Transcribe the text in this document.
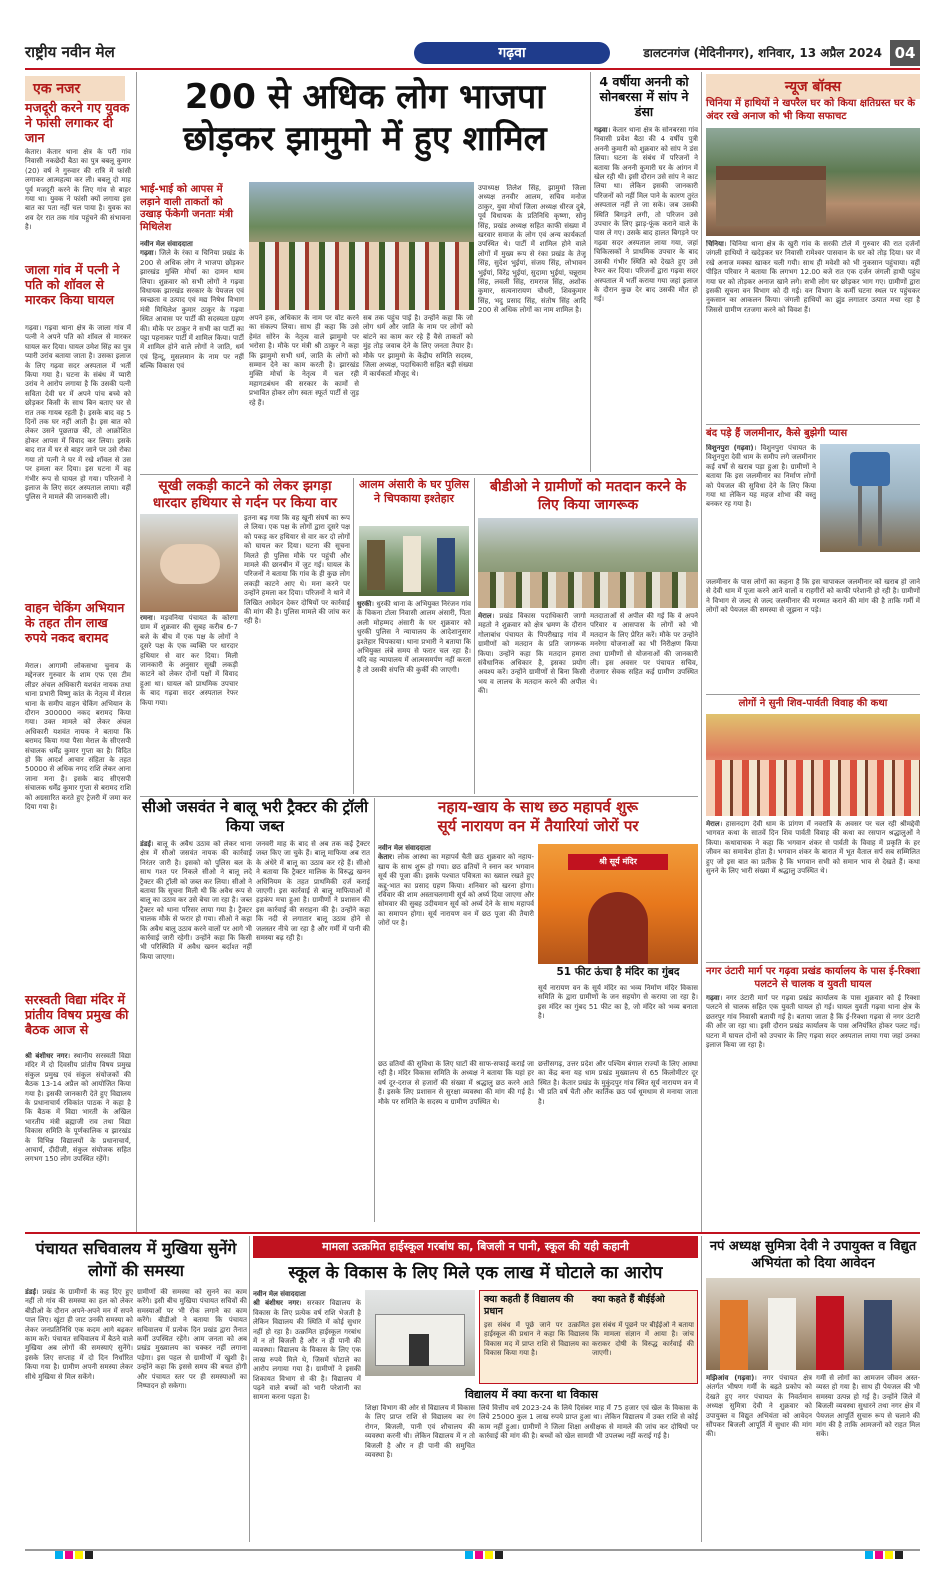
राष्ट्रीय नवीन मेल	गढ़वा	डालटनगंज (मेदिनीनगर), शनिवार, 13 अप्रैल 2024 04
एक नजर
मजदूरी करने गए युवक ने फांसी लगाकर दी जान
केतार। केतार थाना क्षेत्र के पर्री गांव निवासी नकछेदी बैठा का पुत्र बबलू कुमार (20) वर्ष ने गुरुवार की रात्रि में फांसी लगाकर आत्महत्या कर ली। बबलू दो माह पूर्व मजदूरी करने के लिए गांव से बाहर गया था। युवक ने फांसी क्यों लगाया इस बात का पता नहीं चल पाया है। युवक का शव देर रात तक गांव पहुंचने की संभावना है।
जाला गांव में पत्नी ने पति को शॉवल से मारकर किया घायल
गढ़वा। गढ़वा थाना क्षेत्र के जाला गांव में पत्नी ने अपने पति को शॉवल से मारकर घायल कर दिया। घायल उमेश सिंह का पुत्र प्यारी उरांव बताया जाता है। उसका इलाज के लिए गढ़वा सदर अस्पताल में भर्ती किया गया है। घटना के संबंध में प्यारी उरांव ने आरोप लगाया है कि उसकी पत्नी सविता देवी घर में अपने पांच बच्चे को छोड़कर किसी के साथ बिन बताए घर से रात तक गायब रहती है। इसके बाद वह 5 दिनों तक घर नहीं आती है। इस बात को लेकर उसने पूछताछ की, तो आक्रोशित होकर आपस में विवाद कर लिया। इसके बाद रात में घर से बाहर जाने पर उसे रोका गया तो पत्नी ने घर में रखे शॉवल से उस पर हमला कर दिया। इस घटना में वह गंभीर रूप से घायल हो गया। परिजनों ने इलाज के लिए सदर अस्पताल लाया। वहीं पुलिस ने मामले की जानकारी ली।
वाहन चेकिंग अभियान के तहत तीन लाख रुपये नकद बरामद
मेराल। आगामी लोकसभा चुनाव के मद्देनजर गुरुवार के शाम एफ एस टीम लीडर अंचल अधिकारी यशवंत नायक तथा थाना प्रभारी विष्णु कांत के नेतृत्व में मेराल थाना के समीप वाहन चेकिंग अभियान के दौरान 300000 नकद बरामद किया गया। उक्त मामले को लेकर अंचल अधिकारी यशवंत नायक ने बताया कि बरामद किया गया पैसा मेराल के सीएसपी संचालक धर्मेंद्र कुमार गुप्ता का है। विदित हो कि आदर्श आचार संहिता के तहत 50000 से अधिक नगद राशि लेकर आना जाना मना है। इसके बाद सीएसपी संचालक धर्मेंद्र कुमार गुप्ता से बरामद राशि को अग्रसारित करते हुए ट्रेजरी में जमा कर दिया गया है।
सरस्वती विद्या मंदिर में प्रांतीय विषय प्रमुख की बैठक आज से
श्री बंशीधर नगर। स्थानीय सरस्वती विद्या मंदिर में दो दिवसीय प्रांतीय विषय प्रमुख संकुल प्रमुख एवं संकुल संयोजकों की बैठक 13-14 अप्रैल को आयोजित किया गया है। इसकी जानकारी देते हुए विद्यालय के प्रधानाचार्य रविकांत पाठक ने कहा है कि बैठक में विद्या भारती के अखिल भारतीय मंत्री ब्रह्माजी राव तथा विद्या विकास समिति के पूर्णकालिक व झारखंड के विभिन्न विद्यालयों के प्रधानाचार्य, आचार्य, दीदीजी, संकुल संयोजक सहित लगभग 150 लोग उपस्थित रहेंगे।
200 से अधिक लोग भाजपा
छोड़कर झामुमो में हुए शामिल
भाई-भाई को आपस में लड़ाने वाली ताकतों को उखाड़ फेंकेगी जनताः मंत्री मिथिलेश
नवीन मेल संवाददाता
गढ़वा। जिले के रंका व चिनिया प्रखंड के 200 से अधिक लोग ने भाजपा छोड़कर झारखंड मुक्ति मोर्चा का दामन थाम लिया। शुक्रवार को सभी लोगों ने गढ़वा विधायक झारखंड सरकार के पेयजल एवं स्वच्छता व उत्पाद एवं मद्य निषेध विभाग मंत्री मिथिलेश कुमार ठाकुर के गढ़वा स्थित आवास पर पार्टी की सदस्यता ग्रहण की। मौके पर ठाकुर ने सभी का पार्टी का पट्टा पहनाकर पार्टी में शामिल किया। पार्टी में शामिल होने वाले लोगों ने जाति, धर्म एवं हिन्दू, मुसलमान के नाम पर नहीं बल्कि विकास एवं
अपने हक, अधिकार के नाम पर वोट करने का संकल्प लिया। साथ ही कहा कि उसे हेमंत सोरेन के नेतृत्व वाले झामुमो पर भरोसा है। मौके पर मंत्री श्री ठाकुर ने कहा कि झामुमो सभी धर्म, जाति के लोगों को सम्मान देने का काम करती है। झारखंड मुक्ति मोर्चा के नेतृत्व में चल रही महागठबंधन की सरकार के कामों से प्रभावित होकर लोग स्वतः स्फूर्त पार्टी से जुड़ रहे हैं।
सब तक पहुंच पाई है। उन्होंने कहा कि जो लोग धर्म और जाति के नाम पर लोगों को बांटने का काम कर रहे हैं वैसे ताकतों को मुंह तोड़ जवाब देने के लिए जनता तैयार है। मौके पर झामुमो के केंद्रीय समिति सदस्य, जिला अध्यक्ष, पदाधिकारी सहित बड़ी संख्या में कार्यकर्ता मौजूद थे।
उपाध्यक्ष तिलेश सिंह, झामुमो जिला अध्यक्ष तनवीर आलम, सचिव मनोज ठाकुर, युवा मोर्चा जिला अध्यक्ष धीरज दुबे, पूर्व विधायक के प्रतिनिधि कृष्णा, सोनू सिंह, प्रखंड अध्यक्ष सहित काफी संख्या में खरवार समाज के लोग एवं अन्य कार्यकर्ता उपस्थित थे। पार्टी में शामिल होने वाले लोगों में मुख्य रूप से रंका प्रखंड के तेजू सिंह, सुदेश भुईयां, संजय सिंह, लोभावन भुईयां, विरेंद्र भुईयां, सुदामा भुईयां, चन्नूराम सिंह, लवली सिंह, रामराज सिंह, अशोक कुमार, सत्यनारायण चौधरी, शिवकुमार सिंह, भदु प्रसाद सिंह, संतोष सिंह आदि 200 से अधिक लोगों का नाम शामिल है।
4 वर्षीया अननी को सोनबरसा में सांप ने डंसा
गढ़वा। केतार थाना क्षेत्र के सोनबरसा गांव निवासी प्रवेश बैठा की 4 वर्षीय पुत्री अननी कुमारी को शुक्रवार को सांप ने डंस लिया। घटना के संबंध में परिजनों ने बताया कि अननी कुमारी घर के आंगन में खेल रही थी। इसी दौरान उसे सांप ने काट लिया था। लेकिन इसकी जानकारी परिजनों को नहीं मिल पाने के कारण तुरंत अस्पताल नहीं ले जा सके। जब उसकी स्थिति बिगड़ने लगी, तो परिजन उसे उपचार के लिए झाड़-फूंक कराने वाले के पास ले गए। उसके बाद हालत बिगड़ने पर गढ़वा सदर अस्पताल लाया गया, जहां चिकित्सकों ने प्राथमिक उपचार के बाद उसकी गंभीर स्थिति को देखते हुए उसे रेफर कर दिया। परिजनों द्वारा गढ़वा सदर अस्पताल में भर्ती कराया गया जहां इलाज के दौरान कुछ देर बाद उसकी मौत हो गई।
न्यूज बॉक्स
चिनिया में हाथियों ने खपरैल घर को किया क्षतिग्रस्त घर के अंदर रखे अनाज को भी किया सफाचट
चिनिया। चिनिया थाना क्षेत्र के खुरी गांव के सरकी टोले में गुरुवार की रात दर्जनों जंगली हाथियों ने खदेड़कर घर निवासी रामेश्वर पासवान के घर को तोड़ दिया। घर में रखे अनाज मक्का खाकर चली गयी। साथ ही मवेशी को भी नुकसान पहुंचाया। वहीं पीड़ित परिवार ने बताया कि लगभग 12.00 बजे रात एक दर्जन जंगली हाथी पहुंच गया घर को तोड़कर अनाज खाने लगे। सभी लोग घर छोड़कर भाग गए। ग्रामीणों द्वारा इसकी सूचना वन विभाग को दी गई। वन विभाग के कर्मी घटना स्थल पर पहुंचकर नुकसान का आकलन किया। जंगली हाथियों का झुंड लगातार उत्पात मचा रहा है जिससे ग्रामीण रतजगा करने को विवश हैं।
बंद पड़े हैं जलमीनार, कैसे बुझेगी प्यास
विशुनपुरा (गढ़वा)। विशुनपुरा पंचायत के विशुनपुरा देवी धाम के समीप लगे जलमीनार कई वर्षों से खराब पड़ा हुआ है। ग्रामीणों ने बताया कि इस जलमीनार का निर्माण लोगों को पेयजल की सुविधा देने के लिए किया गया था लेकिन यह महज शोभा की वस्तु बनकर रह गया है।
जलमीनार के पास लोगों का कहना है कि इस चापाकल जलमीनार को खराब हो जाने से देवी धाम में पूजा करने आने वालों व राहगीरों को काफी परेशानी हो रही है। ग्रामीणों ने विभाग से जल्द से जल्द जलमीनार की मरम्मत कराने की मांग की है ताकि गर्मी में लोगों को पेयजल की समस्या से जूझना न पड़े।
लोगों ने सुनी शिव-पार्वती विवाह की कथा
मेराल। हासनदाग देवी धाम के प्रांगण में नवरात्रि के अवसर पर चल रही श्रीमद्देवी भागवत कथा के सातवें दिन शिव पार्वती विवाह की कथा का रसपान श्रद्धालुओं ने किया। कथावाचक ने कहा कि भगवान शंकर से पार्वती के विवाह में प्रकृति के हर जीवन का समावेश होता है। भगवान शंकर के बारात में भूत वैताल सर्प सब सम्मिलित हुए जो इस बात का प्रतीक है कि भगवान सभी को समान भाव से देखते हैं। कथा सुनने के लिए भारी संख्या में श्रद्धालु उपस्थित थे।
नगर उंटारी मार्ग पर गढ़वा प्रखंड कार्यालय के पास ई-रिक्शा पलटने से चालक व युवती घायल
गढ़वा। नगर उंटारी मार्ग पर गढ़वा प्रखंड कार्यालय के पास शुक्रवार को ई रिक्शा पलटने से चालक सहित एक युवती घायल हो गई। घायल युवती गढ़वा थाना क्षेत्र के छतरपुर गांव निवासी बतायी गई है। बताया जाता है कि ई-रिक्शा गढ़वा से नगर उंटारी की ओर जा रहा था। इसी दौरान प्रखंड कार्यालय के पास अनियंत्रित होकर पलट गई। घटना में घायल दोनों को उपचार के लिए गढ़वा सदर अस्पताल लाया गया जहां उनका इलाज किया जा रहा है।
सूखी लकड़ी काटने को लेकर झगड़ा धारदार हथियार से गर्दन पर किया वार
रमना। मड़वनिया पंचायत के कोरगा ग्राम में शुक्रवार की सुबह करीब 6-7 बजे के बीच में एक पक्ष के लोगों ने दूसरे पक्ष के एक व्यक्ति पर धारदार हथियार से वार कर दिया। मिली जानकारी के अनुसार सूखी लकड़ी काटने को लेकर दोनों पक्षों में विवाद हुआ था। घायल को प्राथमिक उपचार के बाद गढ़वा सदर अस्पताल रेफर किया गया।
इतना बढ़ गया कि वह खूनी संघर्ष का रूप ले लिया। एक पक्ष के लोगों द्वारा दूसरे पक्ष को पकड़ कर हथियार से वार कर दो लोगों को घायल कर दिया। घटना की सूचना मिलते ही पुलिस मौके पर पहुंची और मामले की छानबीन में जुट गई। घायल के परिजनों ने बताया कि गांव के ही कुछ लोग लकड़ी काटने आए थे। मना करने पर उन्होंने हमला कर दिया। परिजनों ने थाने में लिखित आवेदन देकर दोषियों पर कार्रवाई की मांग की है। पुलिस मामले की जांच कर रही है।
आलम अंसारी के घर पुलिस ने चिपकाया इश्तेहार
धुरकी। धुरकी थाना के अभियुक्त निरंजन गांव के चिकना टोला निवासी आलम अंसारी, पिता अली मोहम्मद अंसारी के घर शुक्रवार को धुरकी पुलिस ने न्यायालय के आदेशानुसार इश्तेहार चिपकाया। थाना प्रभारी ने बताया कि अभियुक्त लंबे समय से फरार चल रहा है। यदि वह न्यायालय में आत्मसमर्पण नहीं करता है तो उसकी संपत्ति की कुर्की की जाएगी।
बीडीओ ने ग्रामीणों को मतदान करने के लिए किया जागरूक
मेराल। प्रखंड विकास पदाधिकारी जागो महतो ने शुक्रवार को क्षेत्र भ्रमण के दौरान गोलाबांध पंचायत के पिपरीखाड़ गांव में ग्रामीणों को मतदान के प्रति जागरूक किया। उन्होंने कहा कि मतदान हमारा संवैधानिक अधिकार है, इसका प्रयोग अवश्य करें। उन्होंने ग्रामीणों से बिना किसी भय व लालच के मतदान करने की अपील की।
मतदाताओं से अपील की गई कि वे अपने परिवार व आसपास के लोगों को भी मतदान के लिए प्रेरित करें। मौके पर उन्होंने मनरेगा योजनाओं का भी निरीक्षण किया तथा ग्रामीणों से योजनाओं की जानकारी ली। इस अवसर पर पंचायत सचिव, रोजगार सेवक सहित कई ग्रामीण उपस्थित थे।
सीओ जसवंत ने बालू भरी ट्रैक्टर की ट्रॉली किया जब्त
डंडई। बालू के अवैध उठाव को लेकर थाना क्षेत्र में सीओ जसवंत नायक की कार्रवाई निरंतर जारी है। इसको को पुलिस बल के साथ गश्त पर निकले सीओ ने बालू लदे ट्रैक्टर की ट्रॉली को जब्त कर लिया। सीओ ने बताया कि सूचना मिली थी कि अवैध रूप से बालू का उठाव कर उसे बेचा जा रहा है। जब्त ट्रैक्टर को थाना परिसर लाया गया है। ट्रैक्टर चालक मौके से फरार हो गया। सीओ ने कहा कि अवैध बालू उठाव करने वालों पर आगे भी कार्रवाई जारी रहेगी। उन्होंने कहा कि किसी भी परिस्थिति में अवैध खनन बर्दाश्त नहीं किया जाएगा।
जनवरी माह के बाद से अब तक कई ट्रैक्टर जब्त किए जा चुके हैं। बालू माफिया अब रात के अंधेरे में बालू का उठाव कर रहे हैं। सीओ ने बताया कि ट्रैक्टर मालिक के विरुद्ध खनन अधिनियम के तहत प्राथमिकी दर्ज कराई जाएगी। इस कार्रवाई से बालू माफियाओं में हड़कंप मचा हुआ है। ग्रामीणों ने प्रशासन की इस कार्रवाई की सराहना की है। उन्होंने कहा कि नदी से लगातार बालू उठाव होने से जलस्तर नीचे जा रहा है और गर्मी में पानी की समस्या बढ़ रही है।
नहाय-खाय के साथ छठ महापर्व शुरू
सूर्य नारायण वन में तैयारियां जोरों पर
नवीन मेल संवाददाता
केतार। लोक आस्था का महापर्व चैती छठ शुक्रवार को नहाय-खाय के साथ शुरू हो गया। छठ व्रतियों ने स्नान कर भगवान सूर्य की पूजा की। इसके पश्चात पवित्रता का ख्याल रखते हुए कद्दू-भात का प्रसाद ग्रहण किया। शनिवार को खरना होगा। रविवार की शाम अस्ताचलगामी सूर्य को अर्घ्य दिया जाएगा और सोमवार की सुबह उदीयमान सूर्य को अर्घ्य देने के साथ महापर्व का समापन होगा। सूर्य नारायण वन में छठ पूजा की तैयारी जोरों पर है।
श्री सूर्य मंदिर
51 फीट ऊंचा है मंदिर का गुंबद
सूर्य नारायण वन के सूर्य मंदिर का भव्य निर्माण मंदिर विकास समिति के द्वारा ग्रामीणों के जन सहयोग से कराया जा रहा है। इस मंदिर का गुंबद 51 फीट का है, जो मंदिर को भव्य बनाता है।
छठ व्रतियों की सुविधा के लिए घाटों की साफ-सफाई कराई जा रही है। मंदिर विकास समिति के अध्यक्ष ने बताया कि यहां हर वर्ष दूर-दराज से हजारों की संख्या में श्रद्धालु छठ करने आते हैं। इसके लिए प्रशासन से सुरक्षा व्यवस्था की मांग की गई है। मौके पर समिति के सदस्य व ग्रामीण उपस्थित थे।
छत्तीसगढ़, उत्तर प्रदेश और पश्चिम बंगाल राज्यों के लिए आस्था का केंद्र बना यह धाम प्रखंड मुख्यालय से 65 किलोमीटर दूर स्थित है। केतार प्रखंड के मुकुंदपुर गांव स्थित सूर्य नारायण वन में भी प्रति वर्ष चैती और कार्तिक छठ पर्व धूमधाम से मनाया जाता है।
पंचायत सचिवालय में मुखिया सुनेंगे लोगों की समस्या
डंडई। प्रखंड के ग्रामीणों के कह दिए हुए नहीं तो गांव की समस्या का हल को लेकर बीडीओ के दौरान अपने-अपने मन में सपने पाल लिए। खूंटा ही जाट उनकी समस्या को लेकर जनप्रतिनिधि एक कदम आगे बढ़कर काम करें। पंचायत सचिवालय में बैठने वाले मुखिया अब लोगों की समस्याएं सुनेंगे। इसके लिए सप्ताह में दो दिन निर्धारित किया गया है। ग्रामीण अपनी समस्या लेकर सीधे मुखिया से मिल सकेंगे।
ग्रामीणों की समस्या को सुनने का काम करेंगे। इसी बीच मुखिया पंचायत सचिवों की समस्याओं पर भी रोक लगाने का काम करेंगे। बीडीओ ने बताया कि पंचायत सचिवालय में प्रत्येक दिन प्रखंड द्वारा तैनात कर्मी उपस्थित रहेंगे। आम जनता को अब प्रखंड मुख्यालय का चक्कर नहीं लगाना पड़ेगा। इस पहल से ग्रामीणों में खुशी है। उन्होंने कहा कि इससे समय की बचत होगी और पंचायत स्तर पर ही समस्याओं का निष्पादन हो सकेगा।
मामला उत्क्रमित हाईस्कूल गरबांध का, बिजली न पानी, स्कूल की यही कहानी
स्कूल के विकास के लिए मिले एक लाख में घोटाले का आरोप
नवीन मेल संवाददाता
श्री बंशीधर नगर। सरकार विद्यालय के विकास के लिए प्रत्येक वर्ष राशि भेजती है लेकिन विद्यालय की स्थिति में कोई सुधार नहीं हो रहा है। उत्क्रमित हाईस्कूल गरबांध में न तो बिजली है और न ही पानी की व्यवस्था। विद्यालय के विकास के लिए एक लाख रुपये मिले थे, जिसमें घोटाले का आरोप लगाया गया है। ग्रामीणों ने इसकी शिकायत विभाग से की है। विद्यालय में पढ़ने वाले बच्चों को भारी परेशानी का सामना करना पड़ता है।
क्या कहती हैं विद्यालय की प्रधान
क्या कहते हैं बीईईओ
इस संबंध में पूछे जाने पर उत्क्रमित हाईस्कूल की प्रधान ने कहा कि विद्यालय विकास मद में प्राप्त राशि से विद्यालय का विकास किया गया है।
इस संबंध में पूछने पर बीईईओ ने बताया कि मामला संज्ञान में आया है। जांच कराकर दोषी के विरुद्ध कार्रवाई की जाएगी।
विद्यालय में क्या करना था विकास
शिक्षा विभाग की ओर से विद्यालय में विकास के लिए प्राप्त राशि से विद्यालय का रंग रोगन, बिजली, पानी एवं शौचालय की व्यवस्था करनी थी। लेकिन विद्यालय में न तो बिजली है और न ही पानी की समुचित व्यवस्था है।
लिये वित्तीय वर्ष 2023-24 के लिये दिसंबर माह में 75 हजार एवं खेल के विकास के लिये 25000 कुल 1 लाख रुपये प्राप्त हुआ था। लेकिन विद्यालय में उक्त राशि से कोई काम नहीं हुआ। ग्रामीणों ने जिला शिक्षा अधीक्षक से मामले की जांच कर दोषियों पर कार्रवाई की मांग की है। बच्चों को खेल सामग्री भी उपलब्ध नहीं कराई गई है।
नपं अध्यक्ष सुमित्रा देवी ने उपायुक्त व विद्युत अभियंता को दिया आवेदन
मझिआंव (गढ़वा)। नगर पंचायत क्षेत्र अंतर्गत भीषण गर्मी के बढ़ते प्रकोप को देखते हुए नगर पंचायत के निवर्तमान अध्यक्ष सुमित्रा देवी ने शुक्रवार को उपायुक्त व विद्युत अभियंता को आवेदन सौंपकर बिजली आपूर्ति में सुधार की मांग की।
गर्मी से लोगों का आमजन जीवन अस्त-व्यस्त हो गया है। साथ ही पेयजल की भी समस्या उत्पन्न हो गई है। उन्होंने जिले में बिजली व्यवस्था सुधारने तथा नगर क्षेत्र में पेयजल आपूर्ति सुचारु रूप से चलाने की मांग की है ताकि आमजनों को राहत मिल सके।
